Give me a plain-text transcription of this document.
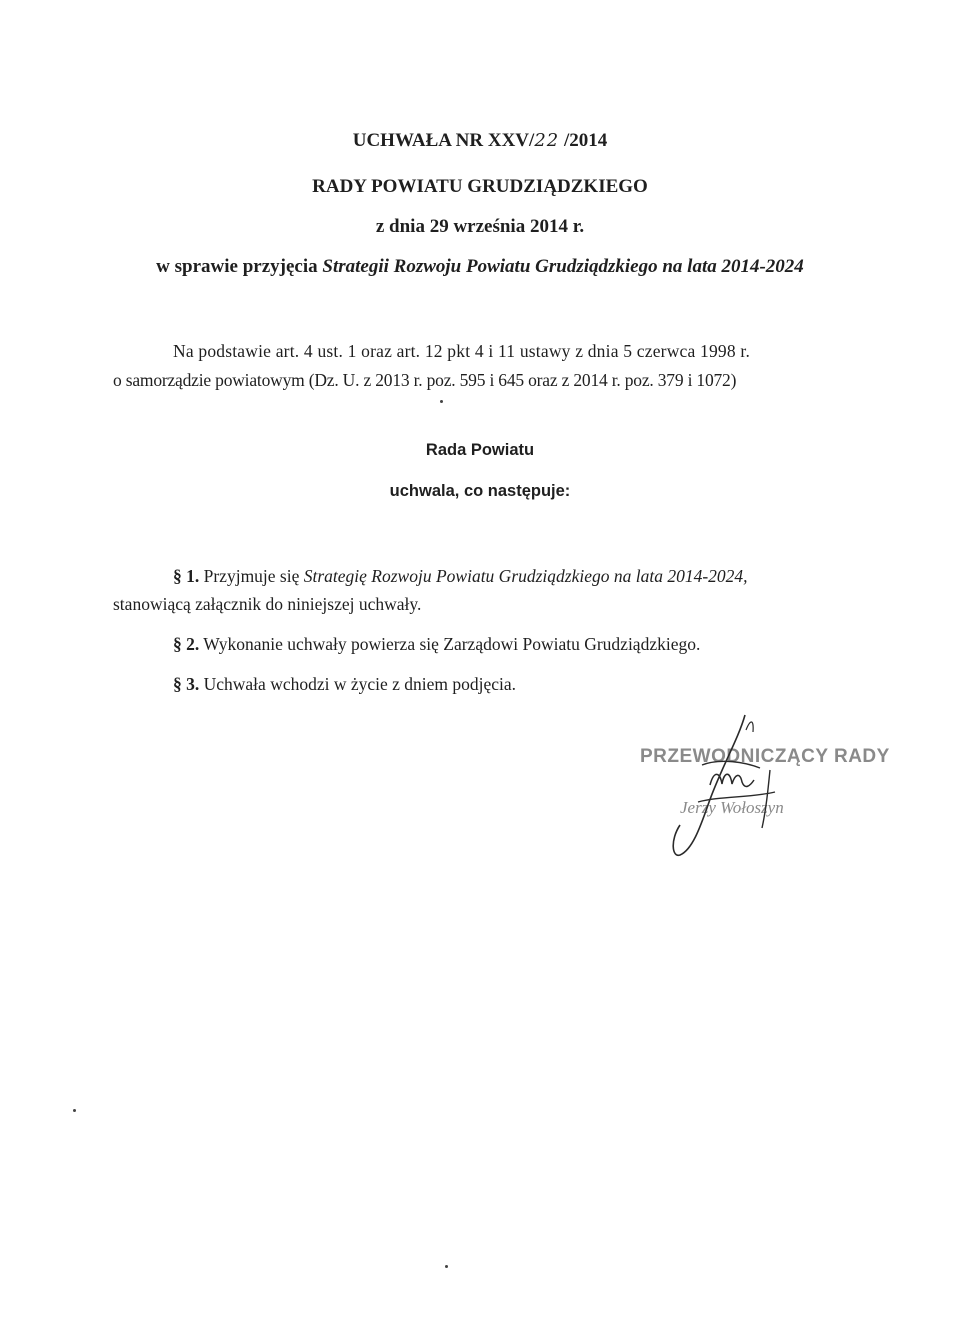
UCHWAŁA NR XXV/22 /2014
RADY POWIATU GRUDZIĄDZKIEGO
z dnia 29 września 2014 r.
w sprawie przyjęcia Strategii Rozwoju Powiatu Grudziądzkiego na lata 2014-2024
Na podstawie art. 4 ust. 1 oraz art. 12 pkt 4 i 11 ustawy z dnia 5 czerwca 1998 r.
o samorządzie powiatowym (Dz. U. z 2013 r. poz. 595 i 645 oraz z 2014 r. poz. 379 i 1072)
Rada Powiatu
uchwala, co następuje:
§ 1. Przyjmuje się Strategię Rozwoju Powiatu Grudziądzkiego na lata 2014-2024,
stanowiącą załącznik do niniejszej uchwały.
§ 2. Wykonanie uchwały powierza się Zarządowi Powiatu Grudziądzkiego.
§ 3. Uchwała wchodzi w życie z dniem podjęcia.
PRZEWODNICZĄCY RADY
Jerzy Wołoszyn
